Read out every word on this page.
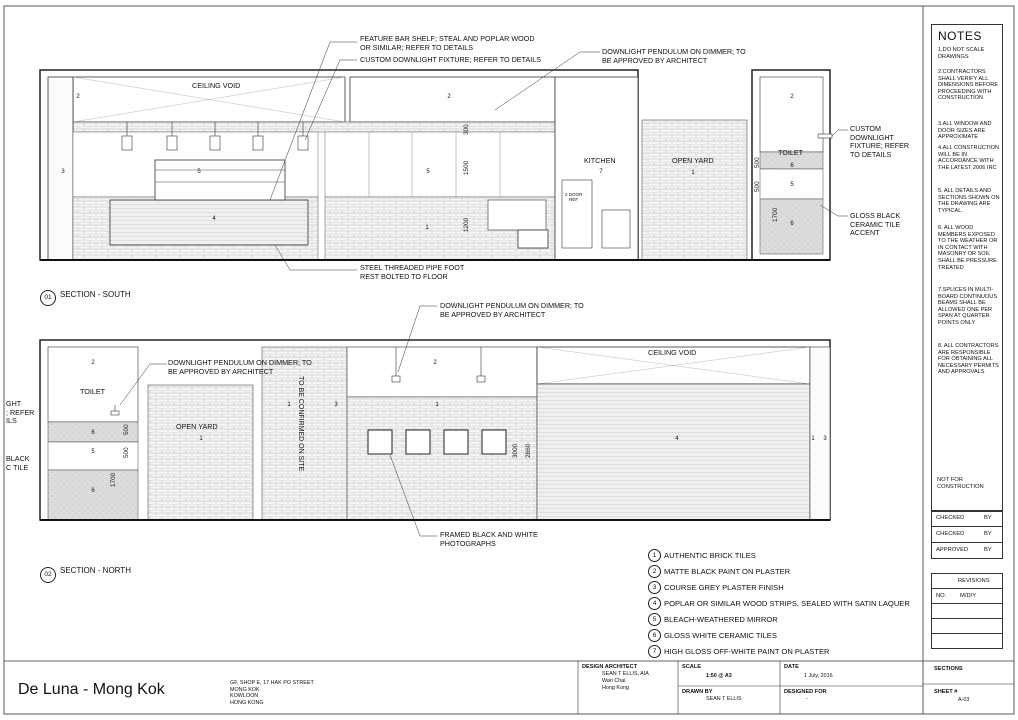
01	SECTION - SOUTH
02	SECTION - NORTH
FEATURE BAR SHELF; STEAL AND POPLAR WOOD
OR SIMILAR; REFER TO DETAILS
CUSTOM DOWNLIGHT FIXTURE; REFER TO DETAILS
DOWNLIGHT PENDULUM ON DIMMER; TO
BE APPROVED BY ARCHITECT
CUSTOM
DOWNLIGHT
FIXTURE; REFER
TO DETAILS
GLOSS BLACK
CERAMIC TILE
ACCENT
STEEL THREADED PIPE FOOT
REST BOLTED TO FLOOR
CEILING VOID
KITCHEN	OPEN YARD
TOILET
2 DOOR
REF
300
1500
1200
500
500
1700
2	2	2
3	5	5
5
4
1
7	1
6
6
DOWNLIGHT PENDULUM ON DIMMER; TO
BE APPROVED BY ARCHITECT
DOWNLIGHT PENDULUM ON DIMMER; TO
BE APPROVED BY ARCHITECT
FRAMED BLACK AND WHITE
PHOTOGRAPHS
GHT
; REFER
ILS
BLACK
C TILE	TO BE CONFIRMED ON SITE
CEILING VOID
OPEN YARD
TOILET
500
500
1700
3000 2860
2	2
6
5
6
1
1	3	1
4	1	3
1	AUTHENTIC BRICK TILES
2	MATTE BLACK PAINT ON PLASTER
3	COURSE GREY PLASTER FINISH
4	POPLAR OR SIMILAR WOOD STRIPS, SEALED WITH SATIN LAQUER
5	BLEACH-WEATHERED MIRROR
6	GLOSS WHITE CERAMIC TILES
7	HIGH GLOSS OFF-WHITE PAINT ON PLASTER
NOTES
1.DO NOT SCALE DRAWINGS
2.CONTRACTORS SHALL VERIFY ALL DIMENSIONS BEFORE PROCEEDING WITH CONSTRUCTION
3.ALL WINDOW AND DOOR SIZES ARE APPROXIMATE
4.ALL CONSTRUCTION WILL BE IN ACCORDANCE WITH THE LATEST 2006 IRC
5. ALL DETAILS AND SECTIONS SHOWN ON THE DRAWING ARE TYPICAL.
6. ALL WOOD MEMBERS EXPOSED TO THE WEATHER OR IN CONTACT WITH MASONRY OR SOIL SHALL BE PRESSURE TREATED
7.SPLICES IN MULTI-BOARD CONTINUOUS BEAMS SHALL BE ALLOWED ONE PER SPAN AT QUARTER POINTS ONLY
8. ALL CONTRACTORS ARE RESPONSIBLE FOR OBTAINING ALL NECESSARY PERMITS AND APPROVALS
NOT FOR CONSTRUCTION
CHECKED	BY
CHECKED	BY
APPROVED	BY
REVISIONS
NO. M/D/Y
De Luna - Mong Kok	GF, SHOP E, 17 HAK PO STREET
MONG KOK
KOWLOON
HONG KONG
DESIGN ARCHITECT
SEAN T ELLIS, AIA
Wan Chai
Hong Kong
SCALE
1:50 @ A3
DATE
1 July, 2016
DRAWN BY
SEAN T ELLIS
DESIGNED FOR
-
SECTIONS
SHEET #
A-03
